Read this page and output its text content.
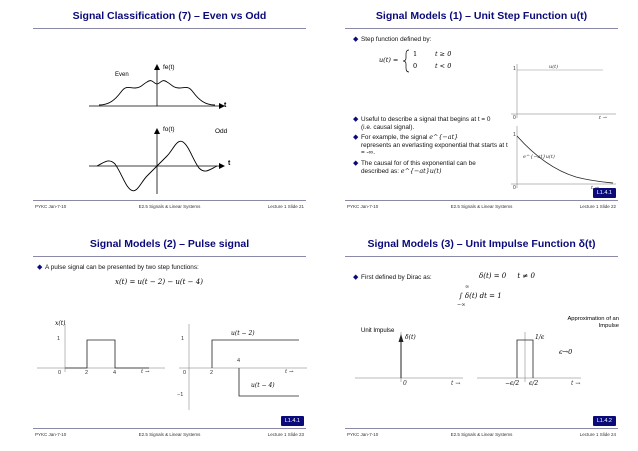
Signal Classification (7) – Even vs Odd
Even
fe(t)
t
fo(t)	Odd
t
PYKC Jan-7-10	E2.5 Signals & Linear Systems	Lecture 1 Slide 21
Signal Models (1) – Unit Step Function u(t)
◆ Step function defined by:
u(t) =
1	t ≥ 0
0	t < 0
◆ Useful to describe a signal that begins at t = 0 (i.e. causal signal).
◆ For example, the signal e^{−at}
represents an everlasting exponential that starts at t = -∞.
◆ The causal for of this exponential can be described as: e^{−at}u(t)
1	u(t)
0	t →
1
e^{−at}u(t)
0
L1.4.1
PYKC Jan-7-10	E2.5 Signals & Linear Systems	Lecture 1 Slide 22
Signal Models (2) – Pulse signal
◆ A pulse signal can be presented by two step functions:
x(t) = u(t − 2) − u(t − 4)
x(t)
1
0	2	4	t →
u(t − 2)
1
0	2
4
t →
u(t − 4)
−1
L1.4.1
PYKC Jan-7-10	E2.5 Signals & Linear Systems	Lecture 1 Slide 23
Signal Models (3) – Unit Impulse Function δ(t)
◆ First defined by Dirac as:	δ(t) = 0     t ≠ 0
∞
∫ δ(t) dt = 1
−∞
Unit Impulse
Approximation of an Impulse
δ(t)
0	t →
1/ϵ
ϵ→0
−ϵ/2 ϵ/2	t →
L1.4.2
PYKC Jan-7-10	E2.5 Signals & Linear Systems	Lecture 1 Slide 24
